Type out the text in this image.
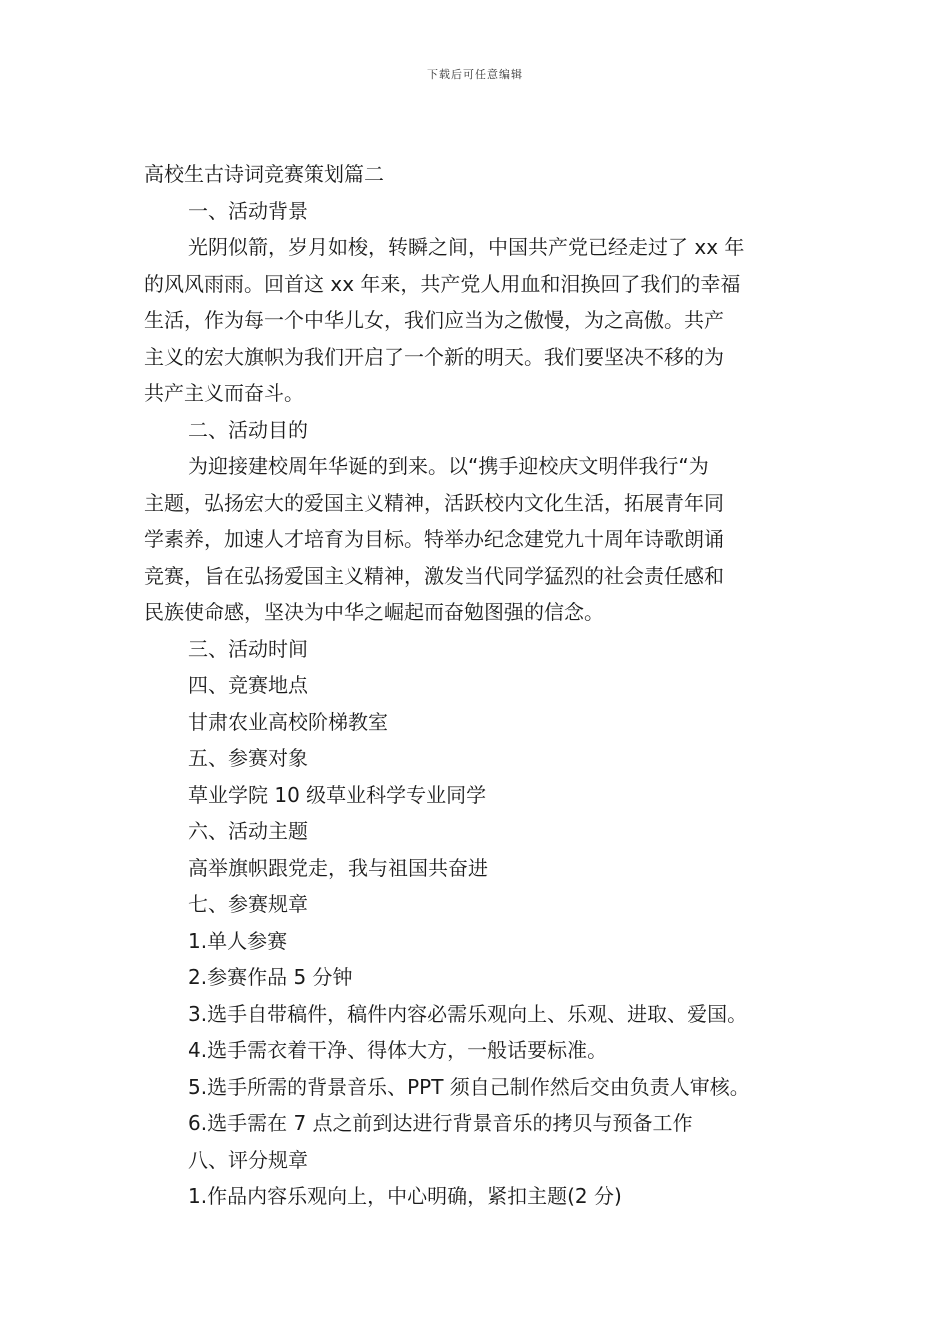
下载后可任意编辑
高校生古诗词竞赛策划篇二
一、活动背景
光阴似箭，岁月如梭，转瞬之间，中国共产党已经走过了 xx 年
的风风雨雨。回首这 xx 年来，共产党人用血和泪换回了我们的幸福
生活，作为每一个中华儿女，我们应当为之傲慢，为之高傲。共产
主义的宏大旗帜为我们开启了一个新的明天。我们要坚决不移的为
共产主义而奋斗。
二、活动目的
为迎接建校周年华诞的到来。以“携手迎校庆文明伴我行“为
主题，弘扬宏大的爱国主义精神，活跃校内文化生活，拓展青年同
学素养，加速人才培育为目标。特举办纪念建党九十周年诗歌朗诵
竞赛，旨在弘扬爱国主义精神，激发当代同学猛烈的社会责任感和
民族使命感，坚决为中华之崛起而奋勉图强的信念。
三、活动时间
四、竞赛地点
甘肃农业高校阶梯教室
五、参赛对象
草业学院 10 级草业科学专业同学
六、活动主题
高举旗帜跟党走，我与祖国共奋进
七、参赛规章
1.单人参赛
2.参赛作品 5 分钟
3.选手自带稿件，稿件内容必需乐观向上、乐观、进取、爱国。
4.选手需衣着干净、得体大方，一般话要标准。
5.选手所需的背景音乐、PPT 须自己制作然后交由负责人审核。
6.选手需在 7 点之前到达进行背景音乐的拷贝与预备工作
八、评分规章
1.作品内容乐观向上，中心明确，紧扣主题(2 分)
